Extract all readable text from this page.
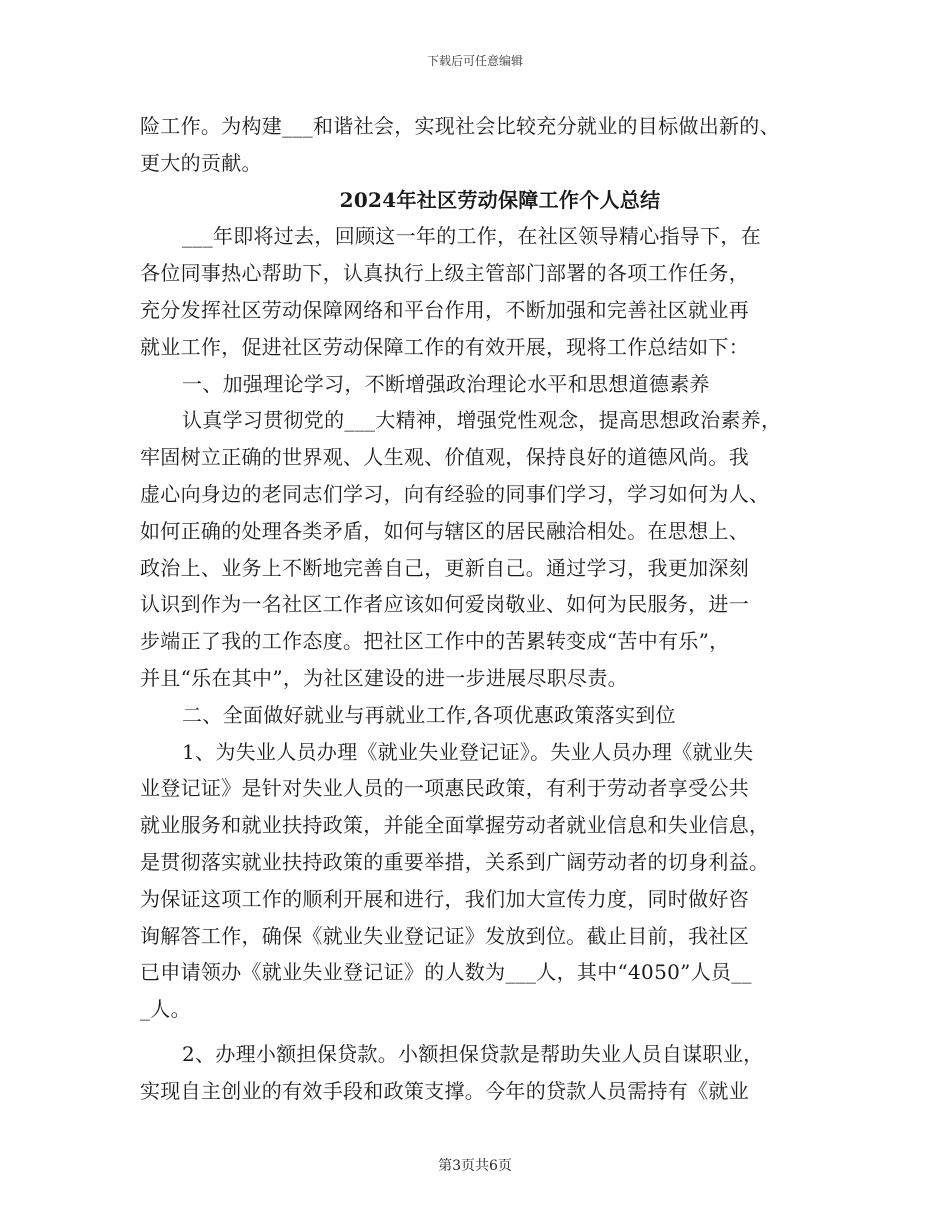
下载后可任意编辑
险工作。为构建___和谐社会，实现社会比较充分就业的目标做出新的、
更大的贡献。
2024年社区劳动保障工作个人总结
___年即将过去，回顾这一年的工作，在社区领导精心指导下，在
各位同事热心帮助下，认真执行上级主管部门部署的各项工作任务，
充分发挥社区劳动保障网络和平台作用，不断加强和完善社区就业再
就业工作，促进社区劳动保障工作的有效开展，现将工作总结如下：
一、加强理论学习，不断增强政治理论水平和思想道德素养
认真学习贯彻党的___大精神，增强党性观念，提高思想政治素养，
牢固树立正确的世界观、人生观、价值观，保持良好的道德风尚。我
虚心向身边的老同志们学习，向有经验的同事们学习，学习如何为人、
如何正确的处理各类矛盾，如何与辖区的居民融洽相处。在思想上、
政治上、业务上不断地完善自己，更新自己。通过学习，我更加深刻
认识到作为一名社区工作者应该如何爱岗敬业、如何为民服务，进一
步端正了我的工作态度。把社区工作中的苦累转变成“苦中有乐”，
并且“乐在其中”，为社区建设的进一步进展尽职尽责。
二、全面做好就业与再就业工作,各项优惠政策落实到位
1、为失业人员办理《就业失业登记证》。失业人员办理《就业失
业登记证》是针对失业人员的一项惠民政策，有利于劳动者享受公共
就业服务和就业扶持政策，并能全面掌握劳动者就业信息和失业信息，
是贯彻落实就业扶持政策的重要举措，关系到广阔劳动者的切身利益。
为保证这项工作的顺利开展和进行，我们加大宣传力度，同时做好咨
询解答工作，确保《就业失业登记证》发放到位。截止目前，我社区
已申请领办《就业失业登记证》的人数为___人，其中“4050”人员__
_人。
2、办理小额担保贷款。小额担保贷款是帮助失业人员自谋职业，
实现自主创业的有效手段和政策支撑。今年的贷款人员需持有《就业
第3页共6页
